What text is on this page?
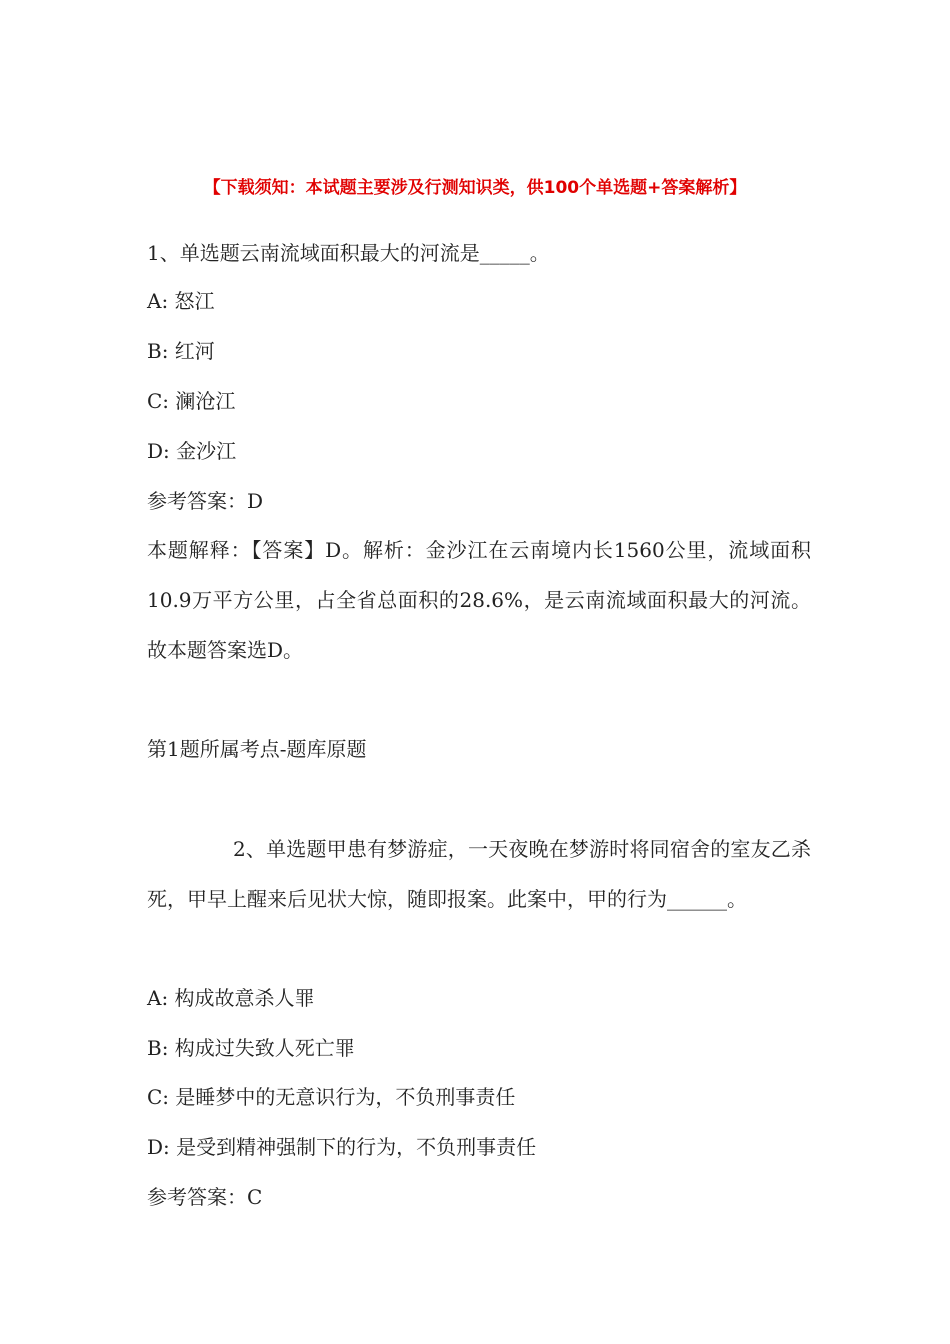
【下载须知：本试题主要涉及行测知识类，供100个单选题+答案解析】
1、单选题云南流域面积最大的河流是_____。
A: 怒江
B: 红河
C: 澜沧江
D: 金沙江
参考答案：D
本题解释：【答案】D。解析：金沙江在云南境内长1560公里，流域面积10.9万平方公里，占全省总面积的28.6%，是云南流域面积最大的河流。故本题答案选D。
第1题所属考点-题库原题
2、单选题甲患有梦游症，一天夜晚在梦游时将同宿舍的室友乙杀死，甲早上醒来后见状大惊，随即报案。此案中，甲的行为______。
A: 构成故意杀人罪
B: 构成过失致人死亡罪
C: 是睡梦中的无意识行为，不负刑事责任
D: 是受到精神强制下的行为，不负刑事责任
参考答案：C
